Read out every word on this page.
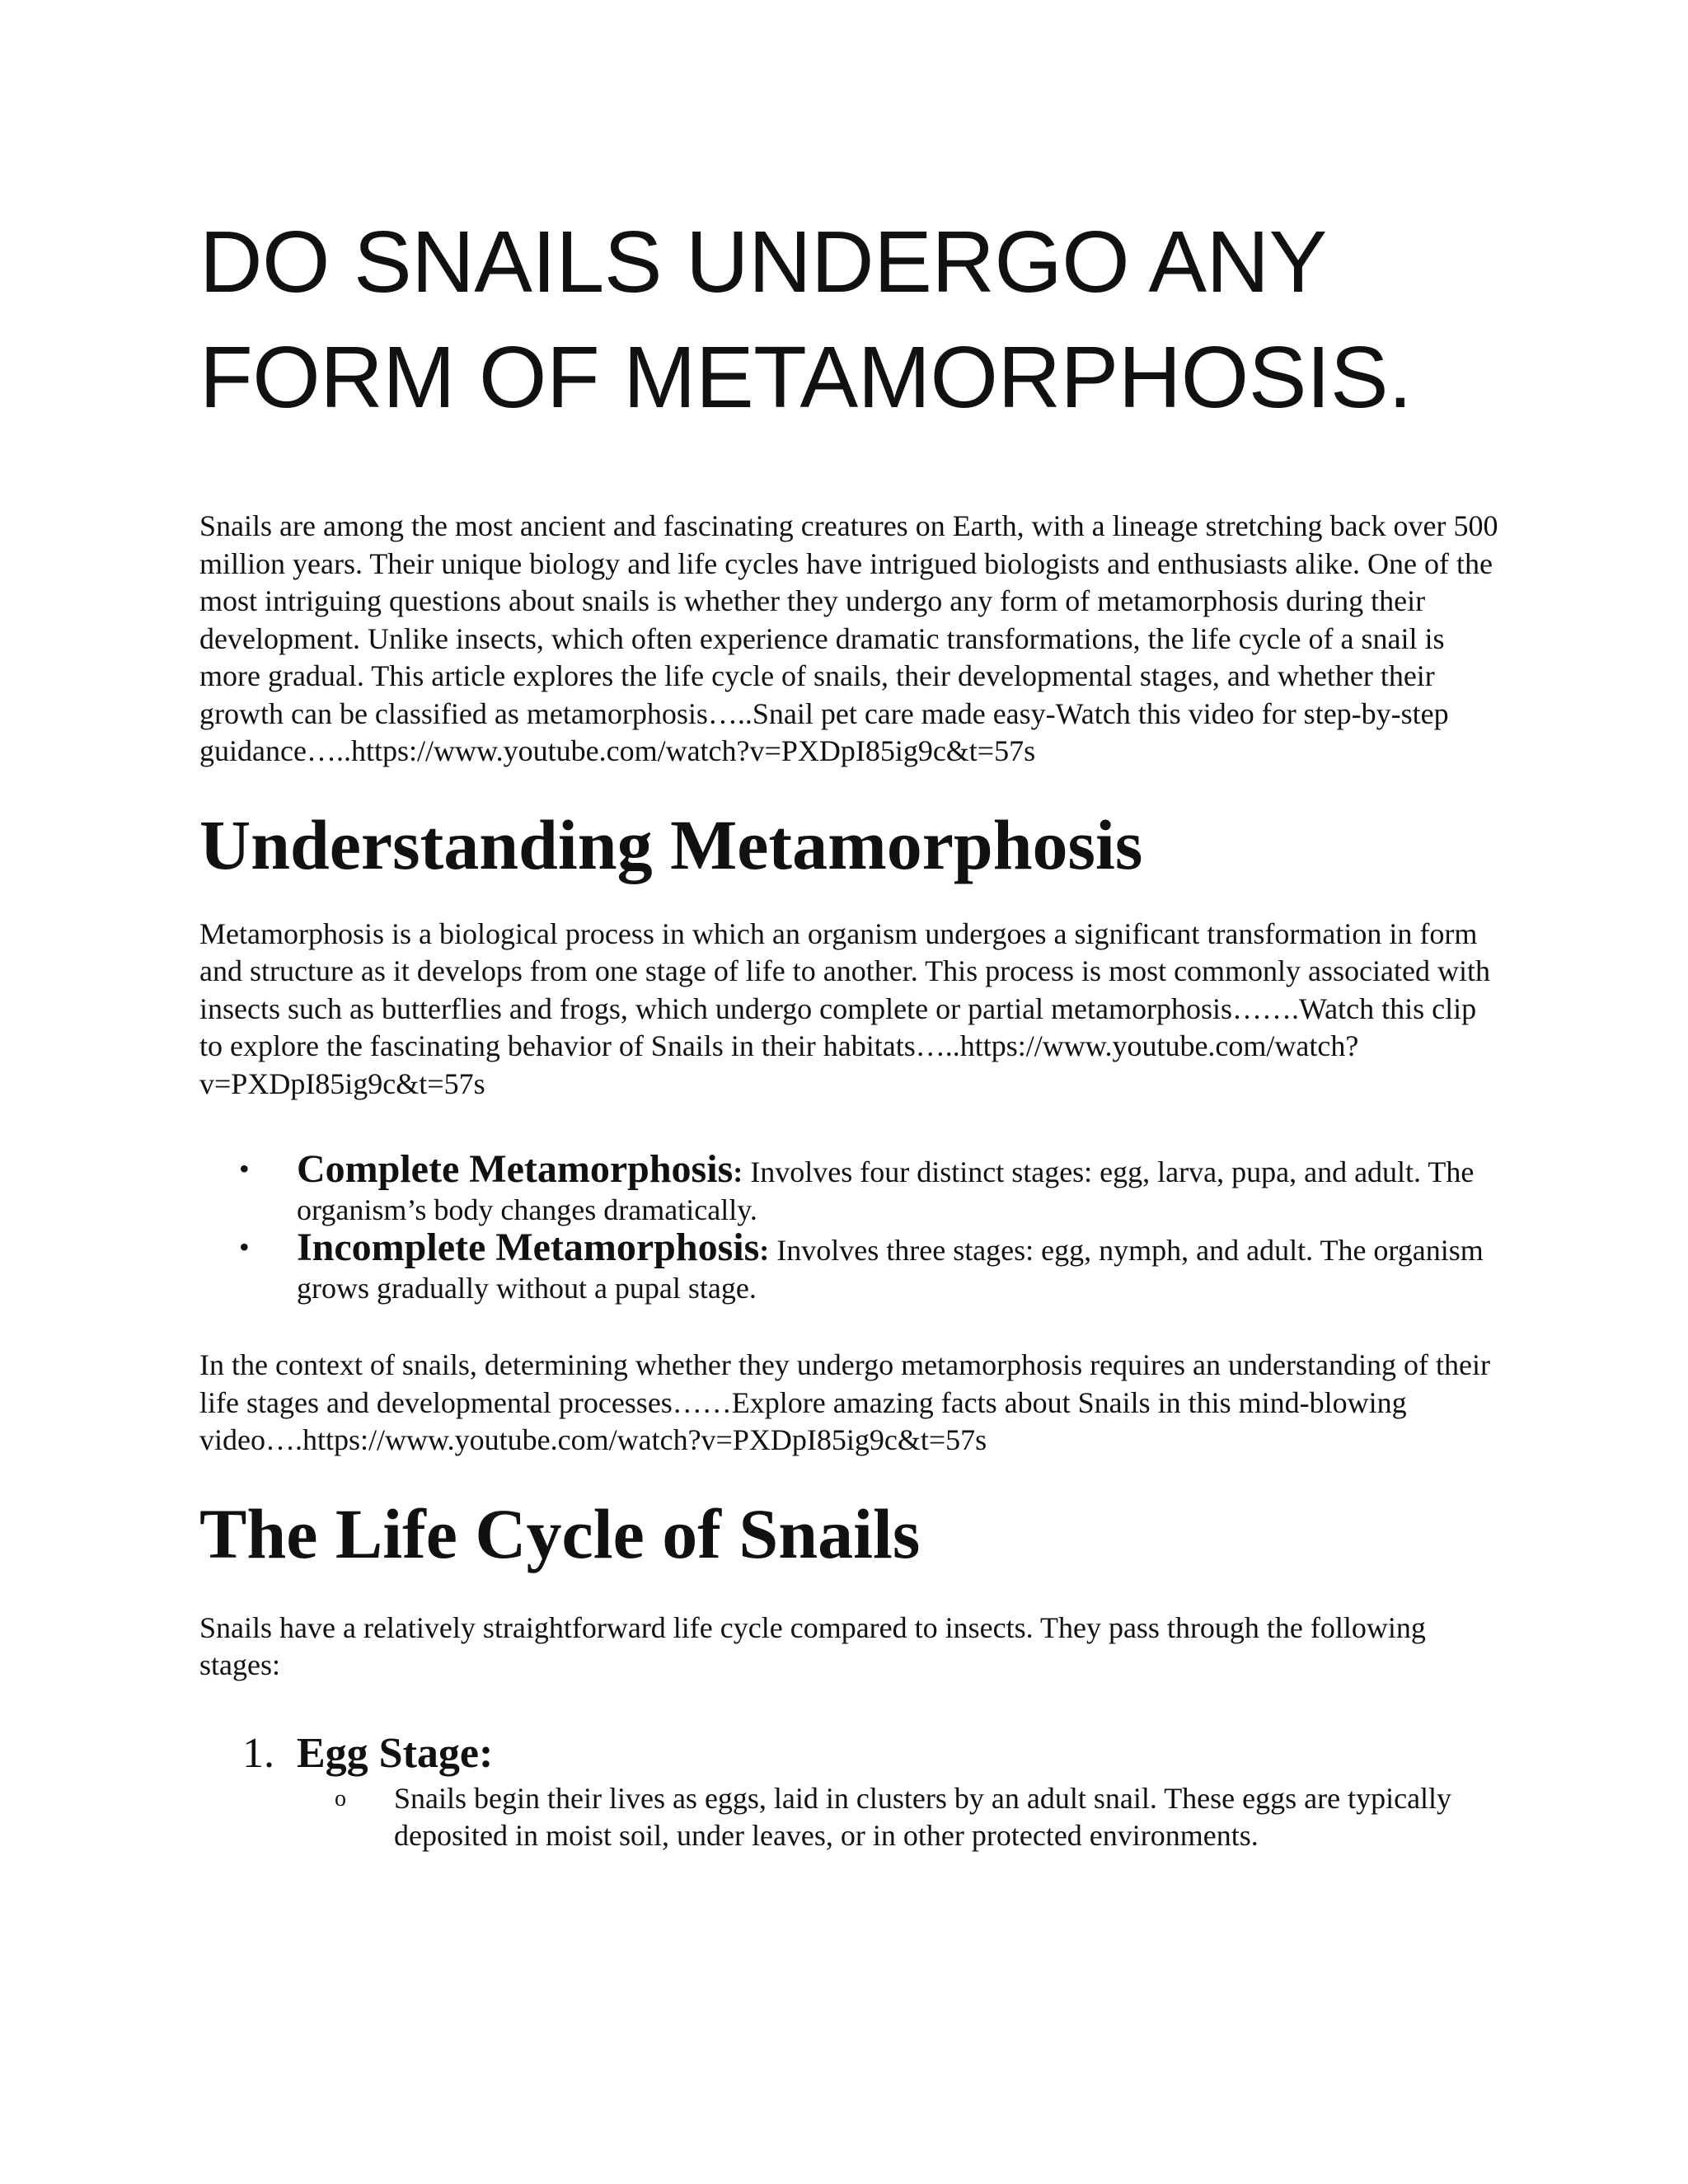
DO SNAILS UNDERGO ANY
FORM OF METAMORPHOSIS.

Snails are among the most ancient and fascinating creatures on Earth, with a lineage stretching back over 500 million years. Their unique biology and life cycles have intrigued biologists and enthusiasts alike. One of the most intriguing questions about snails is whether they undergo any form of metamorphosis during their development. Unlike insects, which often experience dramatic transformations, the life cycle of a snail is more gradual. This article explores the life cycle of snails, their developmental stages, and whether their growth can be classified as metamorphosis…..Snail pet care made easy-Watch this video for step-by-step guidance…..https://www.youtube.com/watch?v=PXDpI85ig9c&t=57s

Understanding Metamorphosis

Metamorphosis is a biological process in which an organism undergoes a significant transformation in form and structure as it develops from one stage of life to another. This process is most commonly associated with insects such as butterflies and frogs, which undergo complete or partial metamorphosis…….Watch this clip to explore the fascinating behavior of Snails in their habitats…..https://www.youtube.com/watch?v=PXDpI85ig9c&t=57s

• Complete Metamorphosis: Involves four distinct stages: egg, larva, pupa, and adult. The organism’s body changes dramatically.
• Incomplete Metamorphosis: Involves three stages: egg, nymph, and adult. The organism grows gradually without a pupal stage.

In the context of snails, determining whether they undergo metamorphosis requires an understanding of their life stages and developmental processes……Explore amazing facts about Snails in this mind-blowing video….https://www.youtube.com/watch?v=PXDpI85ig9c&t=57s

The Life Cycle of Snails

Snails have a relatively straightforward life cycle compared to insects. They pass through the following stages:

1. Egg Stage:
o Snails begin their lives as eggs, laid in clusters by an adult snail. These eggs are typically deposited in moist soil, under leaves, or in other protected environments.
